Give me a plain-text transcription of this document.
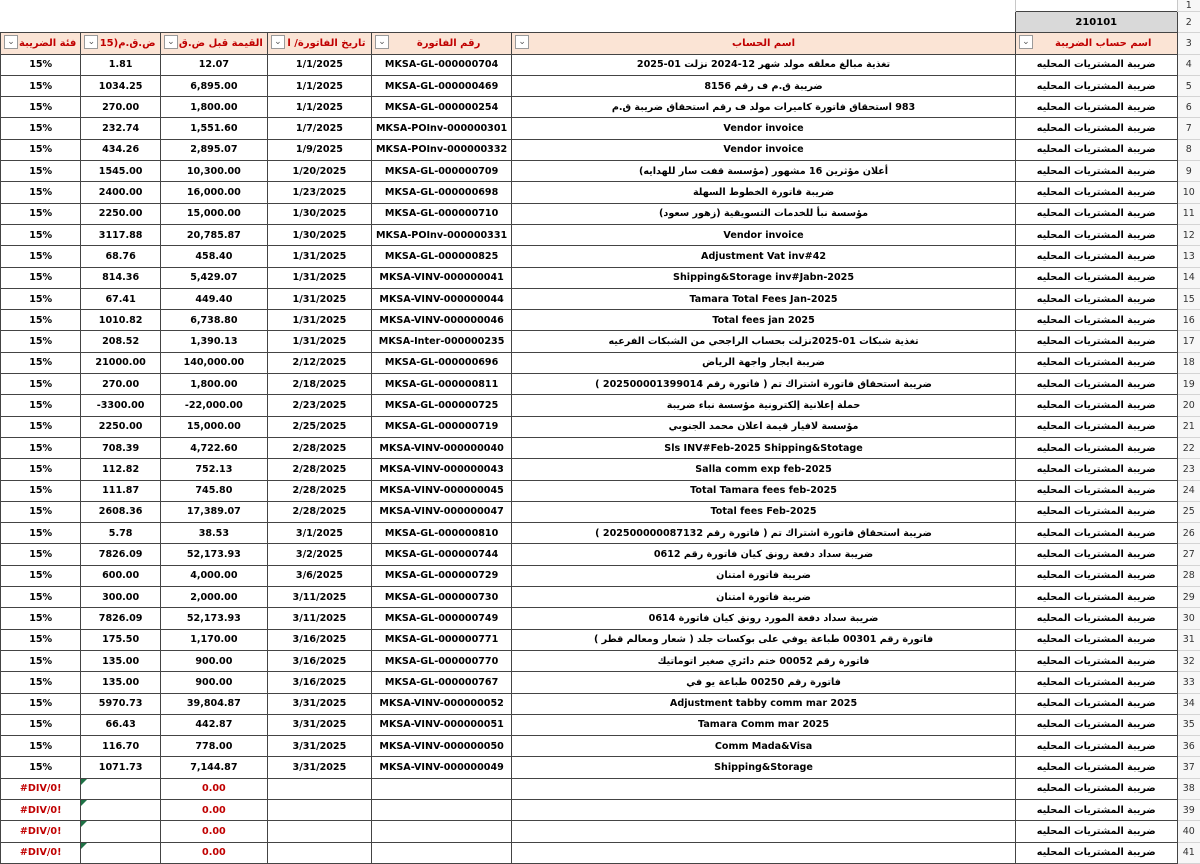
								1
							210101	2

⌄ فئة الضريبة	⌄ ض.ق.م(15	⌄ القيمة قبل ض.ق	⌄ تاريخ الفاتورة/ ا	⌄ رقم الفاتورة	⌄ اسم الحساب		⌄ اسم حساب الضريبة	3
15%	1.81	12.07	1/1/2025	MKSA-GL-000000704	تغذية مبالغ معلقه مولد شهر 12-2024 نزلت 01-2025		ضريبة المشتريات المحليه	4
15%	1034.25	6,895.00	1/1/2025	MKSA-GL-000000469	ضريبة ق.م ف رقم 8156		ضريبة المشتريات المحليه	5
15%	270.00	1,800.00	1/1/2025	MKSA-GL-000000254	983 استحقاق فاتورة كاميرات مولد ف رقم استحقاق ضريبة ق.م		ضريبة المشتريات المحليه	6
15%	232.74	1,551.60	1/7/2025	MKSA-POInv-000000301	Vendor invoice		ضريبة المشتريات المحليه	7
15%	434.26	2,895.07	1/9/2025	MKSA-POInv-000000332	Vendor invoice		ضريبة المشتريات المحليه	8
15%	1545.00	10,300.00	1/20/2025	MKSA-GL-000000709	أعلان مؤثرين 16 مشهور (مؤسسة قفت سار للهدايه)		ضريبة المشتريات المحليه	9
15%	2400.00	16,000.00	1/23/2025	MKSA-GL-000000698	ضريبة فاتورة الخطوط السهلة		ضريبة المشتريات المحليه	10
15%	2250.00	15,000.00	1/30/2025	MKSA-GL-000000710	مؤسسة نبأ للخدمات التسويقية (زهور سعود)		ضريبة المشتريات المحليه	11
15%	3117.88	20,785.87	1/30/2025	MKSA-POInv-000000331	Vendor invoice		ضريبة المشتريات المحليه	12
15%	68.76	458.40	1/31/2025	MKSA-GL-000000825	Adjustment Vat inv#42		ضريبة المشتريات المحليه	13
15%	814.36	5,429.07	1/31/2025	MKSA-VINV-000000041	Shipping&Storage inv#Jabn-2025		ضريبة المشتريات المحليه	14
15%	67.41	449.40	1/31/2025	MKSA-VINV-000000044	Tamara Total Fees Jan-2025		ضريبة المشتريات المحليه	15
15%	1010.82	6,738.80	1/31/2025	MKSA-VINV-000000046	Total fees jan 2025		ضريبة المشتريات المحليه	16
15%	208.52	1,390.13	1/31/2025	MKSA-Inter-000000235	تغذية شبكات 01-2025نزلت بحساب الراجحي من الشبكات الفرعيه		ضريبة المشتريات المحليه	17
15%	21000.00	140,000.00	2/12/2025	MKSA-GL-000000696	ضريبة ايجار واجهة الرياض		ضريبة المشتريات المحليه	18
15%	270.00	1,800.00	2/18/2025	MKSA-GL-000000811	ضريبة استحقاق فاتورة اشتراك تم ( فاتورة رقم 202500001399014 )		ضريبة المشتريات المحليه	19
15%	-3300.00	-22,000.00	2/23/2025	MKSA-GL-000000725	حملة إعلانية إلكترونية مؤسسة نباء ضريبة		ضريبة المشتريات المحليه	20
15%	2250.00	15,000.00	2/25/2025	MKSA-GL-000000719	مؤسسة لافيار قيمة اعلان محمد الجنوبي		ضريبة المشتريات المحليه	21
15%	708.39	4,722.60	2/28/2025	MKSA-VINV-000000040	Sls INV#Feb-2025 Shipping&Stotage		ضريبة المشتريات المحليه	22
15%	112.82	752.13	2/28/2025	MKSA-VINV-000000043	Salla comm exp feb-2025		ضريبة المشتريات المحليه	23
15%	111.87	745.80	2/28/2025	MKSA-VINV-000000045	Total Tamara fees feb-2025		ضريبة المشتريات المحليه	24
15%	2608.36	17,389.07	2/28/2025	MKSA-VINV-000000047	Total fees Feb-2025		ضريبة المشتريات المحليه	25
15%	5.78	38.53	3/1/2025	MKSA-GL-000000810	ضريبة استحقاق فاتورة اشتراك تم ( فاتورة رقم 202500000087132 )		ضريبة المشتريات المحليه	26
15%	7826.09	52,173.93	3/2/2025	MKSA-GL-000000744	ضريبة سداد دفعة رونق كيان فاتورة رقم 0612		ضريبة المشتريات المحليه	27
15%	600.00	4,000.00	3/6/2025	MKSA-GL-000000729	ضريبة فاتورة امتنان		ضريبة المشتريات المحليه	28
15%	300.00	2,000.00	3/11/2025	MKSA-GL-000000730	ضريبة فاتورة امتنان		ضريبة المشتريات المحليه	29
15%	7826.09	52,173.93	3/11/2025	MKSA-GL-000000749	ضريبة سداد دفعة المورد رونق كيان فاتورة 0614		ضريبة المشتريات المحليه	30
15%	175.50	1,170.00	3/16/2025	MKSA-GL-000000771	فاتورة رقم 00301 طباعة يوفي على بوكسات جلد ( شعار ومعالم قطر )		ضريبة المشتريات المحليه	31
15%	135.00	900.00	3/16/2025	MKSA-GL-000000770	فاتورة رقم 00052 ختم دائري صغير اتوماتيك		ضريبة المشتريات المحليه	32
15%	135.00	900.00	3/16/2025	MKSA-GL-000000767	فاتورة رقم 00250 طباعة يو في		ضريبة المشتريات المحليه	33
15%	5970.73	39,804.87	3/31/2025	MKSA-VINV-000000052	Adjustment tabby comm mar 2025		ضريبة المشتريات المحليه	34
15%	66.43	442.87	3/31/2025	MKSA-VINV-000000051	Tamara Comm mar 2025		ضريبة المشتريات المحليه	35
15%	116.70	778.00	3/31/2025	MKSA-VINV-000000050	Comm Mada&Visa		ضريبة المشتريات المحليه	36
15%	1071.73	7,144.87	3/31/2025	MKSA-VINV-000000049	Shipping&Storage		ضريبة المشتريات المحليه	37
#DIV/0!		0.00					ضريبة المشتريات المحليه	38
#DIV/0!		0.00					ضريبة المشتريات المحليه	39
#DIV/0!		0.00					ضريبة المشتريات المحليه	40
#DIV/0!		0.00					ضريبة المشتريات المحليه	41
